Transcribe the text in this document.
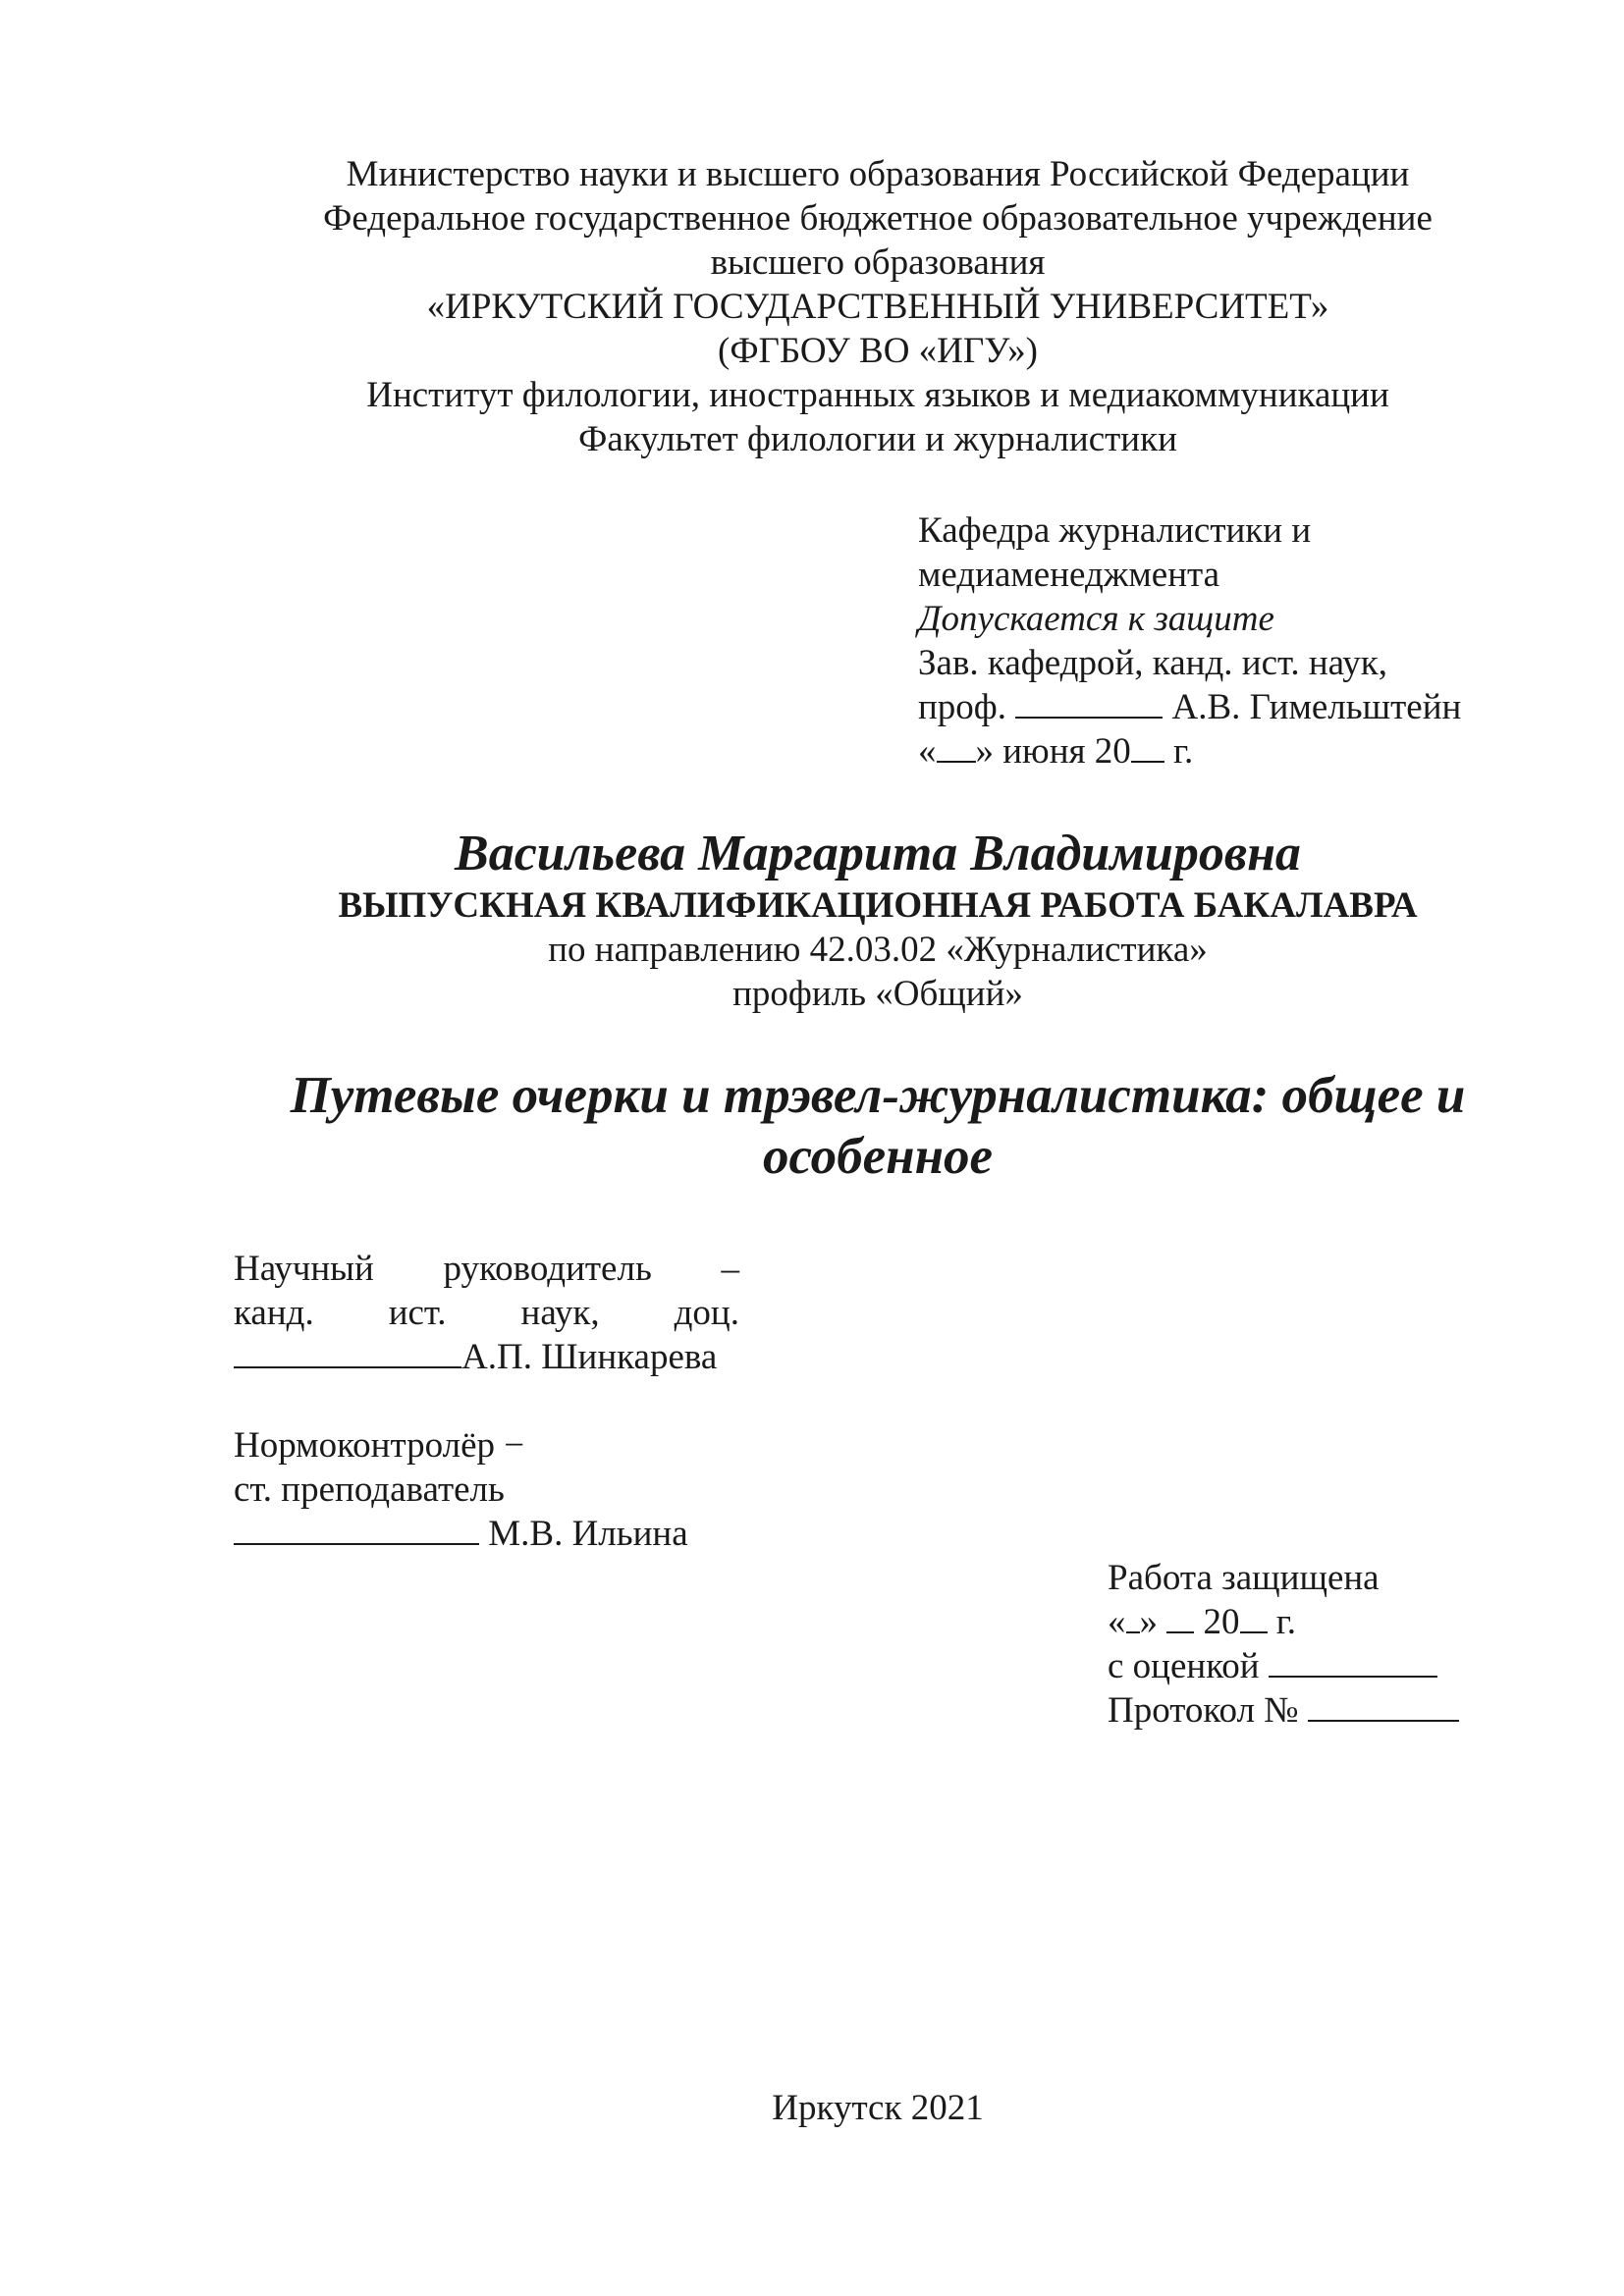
Министерство науки и высшего образования Российской Федерации
Федеральное государственное бюджетное образовательное учреждение
высшего образования
«ИРКУТСКИЙ ГОСУДАРСТВЕННЫЙ УНИВЕРСИТЕТ»
(ФГБОУ ВО «ИГУ»)
Институт филологии, иностранных языков и медиакоммуникации
Факультет филологии и журналистики
Кафедра журналистики и
медиаменеджмента
Допускается к защите
Зав. кафедрой, канд. ист. наук,
проф.	А.В. Гимельштейн
« » июня 20 г.
Васильева Маргарита Владимировна
ВЫПУСКНАЯ КВАЛИФИКАЦИОННАЯ РАБОТА БАКАЛАВРА
по направлению 42.03.02 «Журналистика»
профиль «Общий»
Путевые очерки и трэвел-журналистика: общее и
особенное
Научный руководитель –
канд. ист. наук, доц.
А.П. Шинкарева
Нормоконтролёр −
ст. преподаватель
М.В. Ильина
Работа защищена
« » 20 г.
с оценкой
Протокол №
Иркутск 2021
